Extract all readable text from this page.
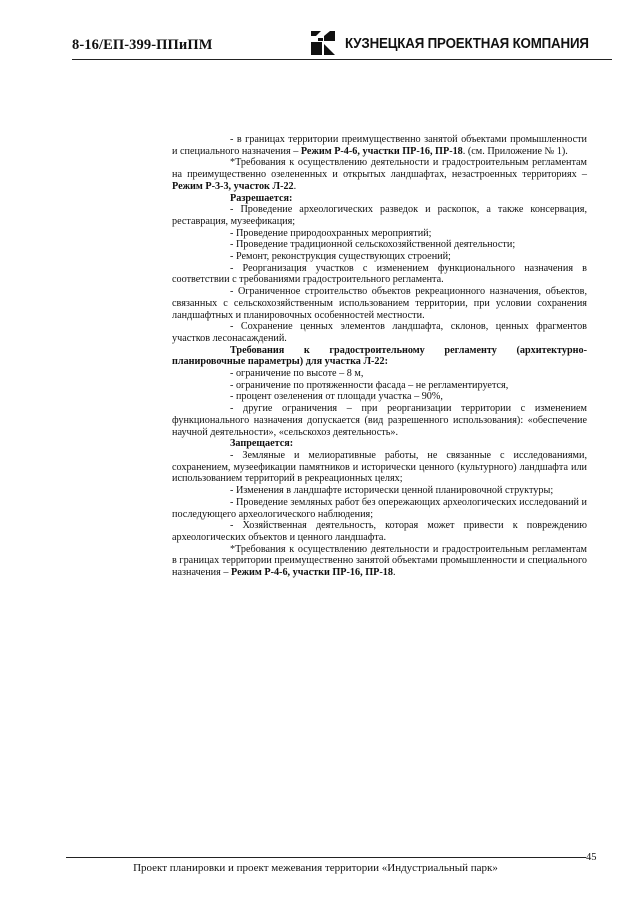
8-16/ЕП-399-ППиПМ	КУЗНЕЦКАЯ ПРОЕКТНАЯ КОМПАНИЯ

- в границах территории преимущественно занятой объектами промышленности и специального назначения – Режим Р-4-6, участки ПР-16, ПР-18. (см. Приложение № 1).

*Требования к осуществлению деятельности и градостроительным регламентам на преимущественно озелененных и открытых ландшафтах, незастроенных территориях – Режим Р-3-3, участок Л-22.

Разрешается:

- Проведение археологических разведок и раскопок, а также консервация, реставрация, музеефикация;

- Проведение природоохранных мероприятий;

- Проведение традиционной сельскохозяйственной деятельности;

- Ремонт, реконструкция существующих строений;

- Реорганизация участков с изменением функционального назначения в соответствии с требованиями градостроительного регламента.

- Ограниченное строительство объектов рекреационного назначения, объектов, связанных с сельскохозяйственным использованием территории, при условии сохранения ландшафтных и планировочных особенностей местности.

- Сохранение ценных элементов ландшафта, склонов, ценных фрагментов участков лесонасаждений.

Требования к градостроительному регламенту (архитектурно-планировочные параметры) для участка Л-22:

- ограничение по высоте – 8 м,

- ограничение по протяженности фасада – не регламентируется,

- процент озеленения от площади участка – 90%,

- другие ограничения – при реорганизации территории с изменением функционального назначения допускается (вид разрешенного использования): «обеспечение научной деятельности», «сельскохоз деятельность».

Запрещается:

- Земляные и мелиоративные работы, не связанные с исследованиями, сохранением, музеефикации памятников и исторически ценного (культурного) ландшафта или использованием территорий в рекреационных целях;

- Изменения в ландшафте исторически ценной планировочной структуры;

- Проведение земляных работ без опережающих археологических исследований и последующего археологического наблюдения;

- Хозяйственная деятельность, которая может привести к повреждению археологических объектов и ценного ландшафта.

*Требования к осуществлению деятельности и градостроительным регламентам в границах территории преимущественно занятой объектами промышленности и специального назначения – Режим Р-4-6, участки ПР-16, ПР-18.

45
Проект планировки и проект межевания территории «Индустриальный парк»
